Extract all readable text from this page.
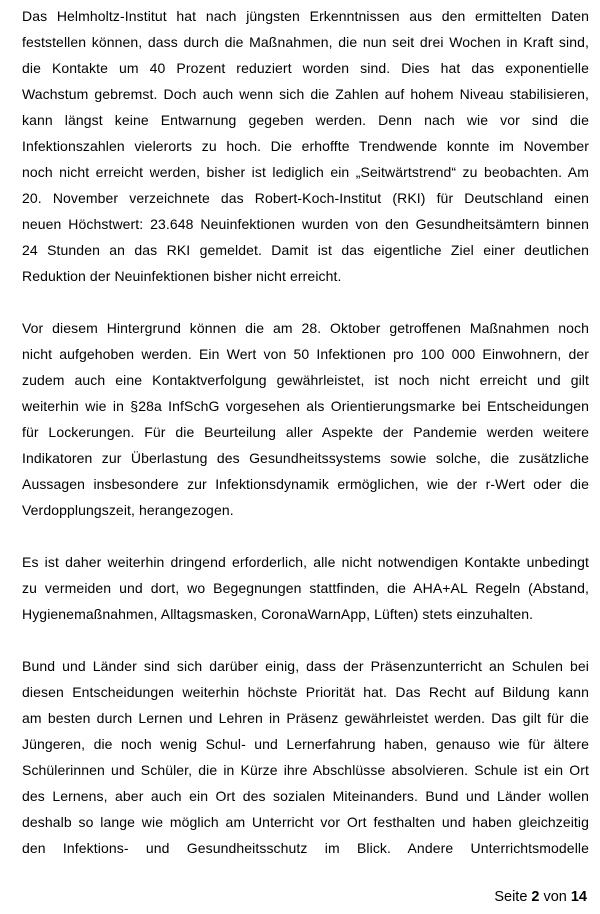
Das Helmholtz-Institut hat nach jüngsten Erkenntnissen aus den ermittelten Daten
feststellen können, dass durch die Maßnahmen, die nun seit drei Wochen in Kraft sind,
die Kontakte um 40 Prozent reduziert worden sind. Dies hat das exponentielle
Wachstum gebremst. Doch auch wenn sich die Zahlen auf hohem Niveau stabilisieren,
kann längst keine Entwarnung gegeben werden. Denn nach wie vor sind die
Infektionszahlen vielerorts zu hoch. Die erhoffte Trendwende konnte im November
noch nicht erreicht werden, bisher ist lediglich ein „Seitwärtstrend“ zu beobachten. Am
20. November verzeichnete das Robert-Koch-Institut (RKI) für Deutschland einen
neuen Höchstwert: 23.648 Neuinfektionen wurden von den Gesundheitsämtern binnen
24 Stunden an das RKI gemeldet. Damit ist das eigentliche Ziel einer deutlichen
Reduktion der Neuinfektionen bisher nicht erreicht.
Vor diesem Hintergrund können die am 28. Oktober getroffenen Maßnahmen noch
nicht aufgehoben werden. Ein Wert von 50 Infektionen pro 100 000 Einwohnern, der
zudem auch eine Kontaktverfolgung gewährleistet, ist noch nicht erreicht und gilt
weiterhin wie in §28a InfSchG vorgesehen als Orientierungsmarke bei Entscheidungen
für Lockerungen. Für die Beurteilung aller Aspekte der Pandemie werden weitere
Indikatoren zur Überlastung des Gesundheitssystems sowie solche, die zusätzliche
Aussagen insbesondere zur Infektionsdynamik ermöglichen, wie der r-Wert oder die
Verdopplungszeit, herangezogen.
Es ist daher weiterhin dringend erforderlich, alle nicht notwendigen Kontakte unbedingt
zu vermeiden und dort, wo Begegnungen stattfinden, die AHA+AL Regeln (Abstand,
Hygienemaßnahmen, Alltagsmasken, CoronaWarnApp, Lüften) stets einzuhalten.
Bund und Länder sind sich darüber einig, dass der Präsenzunterricht an Schulen bei
diesen Entscheidungen weiterhin höchste Priorität hat. Das Recht auf Bildung kann
am besten durch Lernen und Lehren in Präsenz gewährleistet werden. Das gilt für die
Jüngeren, die noch wenig Schul- und Lernerfahrung haben, genauso wie für ältere
Schülerinnen und Schüler, die in Kürze ihre Abschlüsse absolvieren. Schule ist ein Ort
des Lernens, aber auch ein Ort des sozialen Miteinanders. Bund und Länder wollen
deshalb so lange wie möglich am Unterricht vor Ort festhalten und haben gleichzeitig
den Infektions- und Gesundheitsschutz im Blick. Andere Unterrichtsmodelle
Seite 2 von 14
